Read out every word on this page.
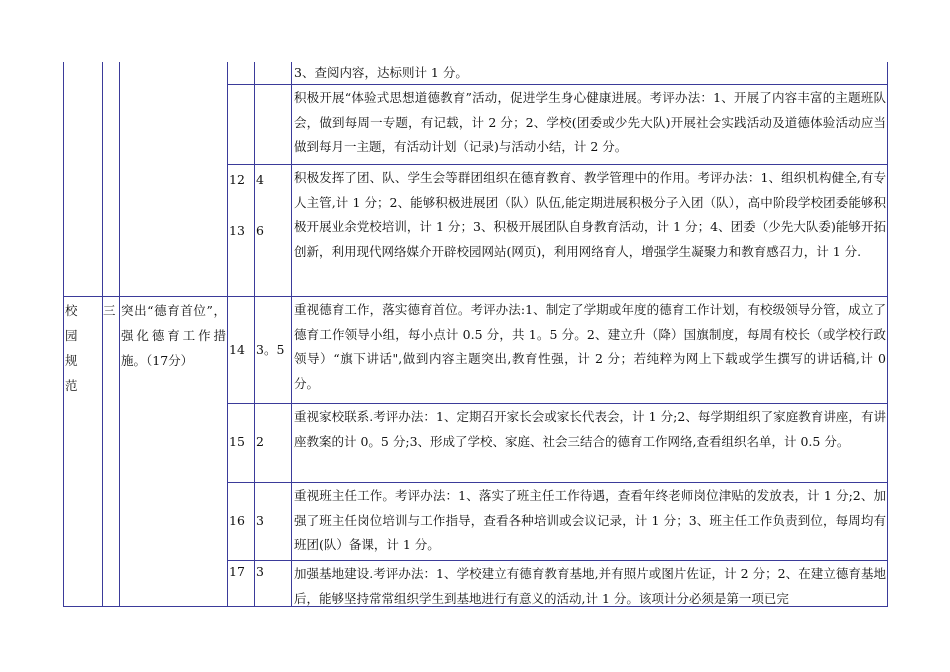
3、查阅内容，达标则计 1 分。
12 4
积极开展“体验式思想道德教育”活动，促进学生身心健康进展。考评办法：1、开展了内容丰富的主题班队会，做到每周一专题，有记载，计 2 分；2、学校(团委或少先大队)开展社会实践活动及道德体验活动应当做到每月一主题，有活动计划（记录)与活动小结，计 2 分。
13 6
积极发挥了团、队、学生会等群团组织在德育教育、教学管理中的作用。考评办法：1、组织机构健全,有专人主管,计 1 分；2、能够积极进展团（队）队伍,能定期进展积极分子入团（队），高中阶段学校团委能够积极开展业余党校培训，计 1 分；3、积极开展团队自身教育活动，计 1 分；4、团委（少先大队委)能够开拓创新，利用现代网络媒介开辟校园网站(网页)，利用网络育人，增强学生凝聚力和教育感召力，计 1 分.
校 园规 范
三 突出“德育首位”，强化德育工作措施。（17分）
14 3。5
重视德育工作，落实德育首位。考评办法:1、制定了学期或年度的德育工作计划，有校级领导分管，成立了德育工作领导小组，每小点计 0.5 分，共 1。5 分。2、建立升（降）国旗制度，每周有校长（或学校行政领导）“旗下讲话",做到内容主题突出,教育性强，计 2 分；若纯粹为网上下载或学生撰写的讲话稿,计 0 分。
15 2
重视家校联系.考评办法：1、定期召开家长会或家长代表会，计 1 分;2、每学期组织了家庭教育讲座，有讲座教案的计 0。5 分;3、形成了学校、家庭、社会三结合的德育工作网络,查看组织名单，计 0.5 分。
16 3
重视班主任工作。考评办法：1、落实了班主任工作待遇，查看年终老师岗位津贴的发放表，计 1 分;2、加强了班主任岗位培训与工作指导，查看各种培训或会议记录，计 1 分；3、班主任工作负责到位，每周均有班团(队）备课，计 1 分。
17 3	加强基地建设.考评办法：1、学校建立有德育教育基地,并有照片或图片佐证，计 2 分；2、在建立德育基地后，能够坚持常常组织学生到基地进行有意义的活动,计 1 分。该项计分必须是第一项已完
